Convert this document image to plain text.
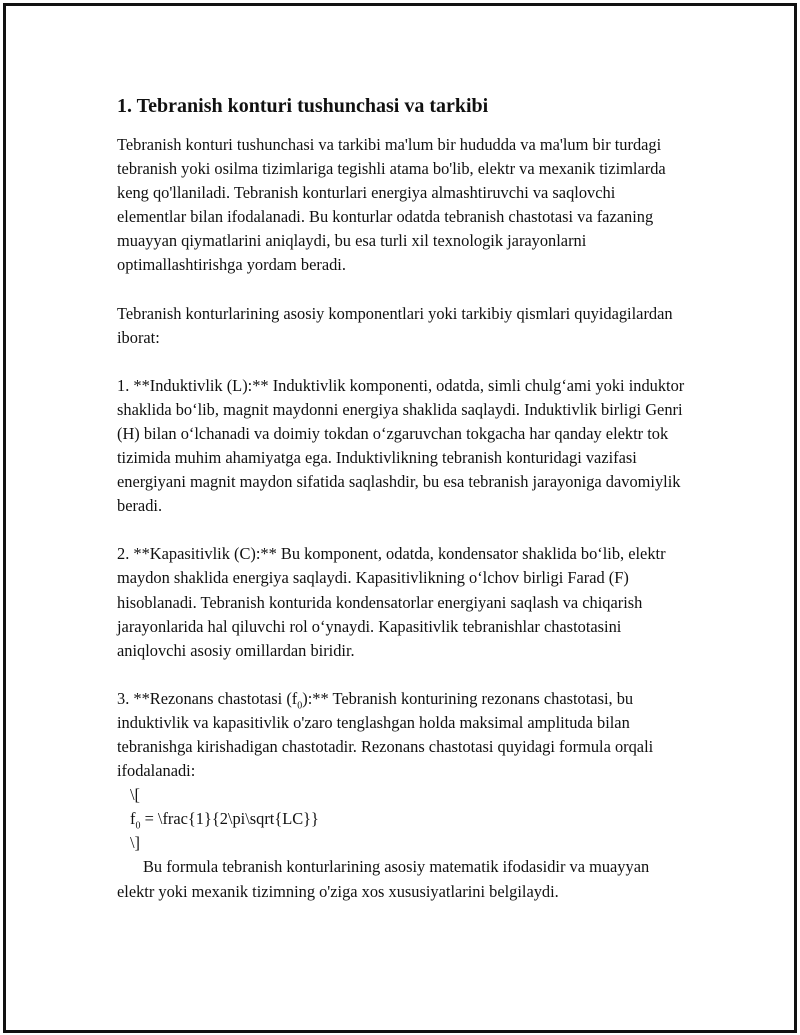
1. Tebranish konturi tushunchasi va tarkibi

Tebranish konturi tushunchasi va tarkibi ma'lum bir hududda va ma'lum bir turdagi tebranish yoki osilma tizimlariga tegishli atama bo'lib, elektr va mexanik tizimlarda keng qo'llaniladi. Tebranish konturlari energiya almashtiruvchi va saqlovchi elementlar bilan ifodalanadi. Bu konturlar odatda tebranish chastotasi va fazaning muayyan qiymatlarini aniqlaydi, bu esa turli xil texnologik jarayonlarni optimallashtirishga yordam beradi.

Tebranish konturlarining asosiy komponentlari yoki tarkibiy qismlari quyidagilardan iborat:

1. **Induktivlik (L):** Induktivlik komponenti, odatda, simli chulg‘ami yoki induktor shaklida bo‘lib, magnit maydonni energiya shaklida saqlaydi. Induktivlik birligi Genri (H) bilan o‘lchanadi va doimiy tokdan o‘zgaruvchan tokgacha har qanday elektr tok tizimida muhim ahamiyatga ega. Induktivlikning tebranish konturidagi vazifasi energiyani magnit maydon sifatida saqlashdir, bu esa tebranish jarayoniga davomiylik beradi.

2. **Kapasitivlik (C):** Bu komponent, odatda, kondensator shaklida bo‘lib, elektr maydon shaklida energiya saqlaydi. Kapasitivlikning o‘lchov birligi Farad (F) hisoblanadi. Tebranish konturida kondensatorlar energiyani saqlash va chiqarish jarayonlarida hal qiluvchi rol o‘ynaydi. Kapasitivlik tebranishlar chastotasini aniqlovchi asosiy omillardan biridir.

3. **Rezonans chastotasi $(f_0):**$ Tebranish konturining rezonans chastotasi, bu induktivlik va kapasitivlik o'zaro tenglashgan holda maksimal amplituda bilan tebranishga kirishadigan chastotadir. Rezonans chastotasi quyidagi formula orqali ifodalanadi:

\[

$f_0$ = \frac{1}{2\pi\sqrt{LC}}

\]

Bu formula tebranish konturlarining asosiy matematik ifodasidir va muayyan elektr yoki mexanik tizimning o'ziga xos xususiyatlarini belgilaydi.
